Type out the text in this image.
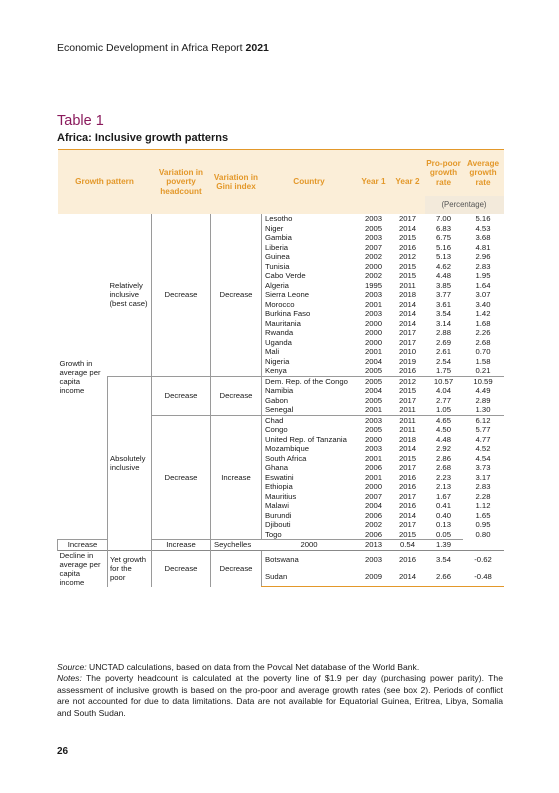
Economic Development in Africa Report 2021
Table 1
Africa: Inclusive growth patterns
Growth pattern		Variation in poverty headcount	Variation in Gini index	Country	Year 1	Year 2	Pro-poor growth rate	Average growth rate
							(Percentage)	
Growth in average per capita income	Relatively inclusive (best case)	Decrease	Decrease	Lesotho	2003	2017	7.00	5.16
				Niger	2005	2014	6.83	4.53
				Gambia	2003	2015	6.75	3.68
				Liberia	2007	2016	5.16	4.81
				Guinea	2002	2012	5.13	2.96
				Tunisia	2000	2015	4.62	2.83
				Cabo Verde	2002	2015	4.48	1.95
				Algeria	1995	2011	3.85	1.64
				Sierra Leone	2003	2018	3.77	3.07
				Morocco	2001	2014	3.61	3.40
				Burkina Faso	2003	2014	3.54	1.42
				Mauritania	2000	2014	3.14	1.68
				Rwanda	2000	2017	2.88	2.26
				Uganda	2000	2017	2.69	2.68
				Mali	2001	2010	2.61	0.70
				Nigeria	2004	2019	2.54	1.58
				Kenya	2005	2016	1.75	0.21
	Absolutely inclusive	Decrease	Decrease	Dem. Rep. of the Congo	2005	2012	10.57	10.59
				Namibia	2004	2015	4.04	4.49
				Gabon	2005	2017	2.77	2.89
				Senegal	2001	2011	1.05	1.30
		Decrease	Increase	Chad	2003	2011	4.65	6.12
				Congo	2005	2011	4.50	5.77
				United Rep. of Tanzania	2000	2018	4.48	4.77
				Mozambique	2003	2014	2.92	4.52
				South Africa	2001	2015	2.86	4.54
				Ghana	2006	2017	2.68	3.73
				Eswatini	2001	2016	2.23	3.17
				Ethiopia	2000	2016	2.13	2.83
				Mauritius	2007	2017	1.67	2.28
				Malawi	2004	2016	0.41	1.12
				Burundi	2006	2014	0.40	1.65
				Djibouti	2002	2017	0.13	0.95
				Togo	2006	2015	0.05	0.80
Increase		Increase	Seychelles	2000	2013	0.54	1.39	
Decline in average per capita income	Yet growth for the poor	Decrease	Decrease	Botswana	2003	2016	3.54	-0.62
				Sudan	2009	2014	2.66	-0.48

Source: UNCTAD calculations, based on data from the Povcal Net database of the World Bank.

Notes: The poverty headcount is calculated at the poverty line of $1.9 per day (purchasing power parity). The assessment of inclusive growth is based on the pro-poor and average growth rates (see box 2). Periods of conflict are not accounted for due to data limitations. Data are not available for Equatorial Guinea, Eritrea, Libya, Somalia and South Sudan.

26
